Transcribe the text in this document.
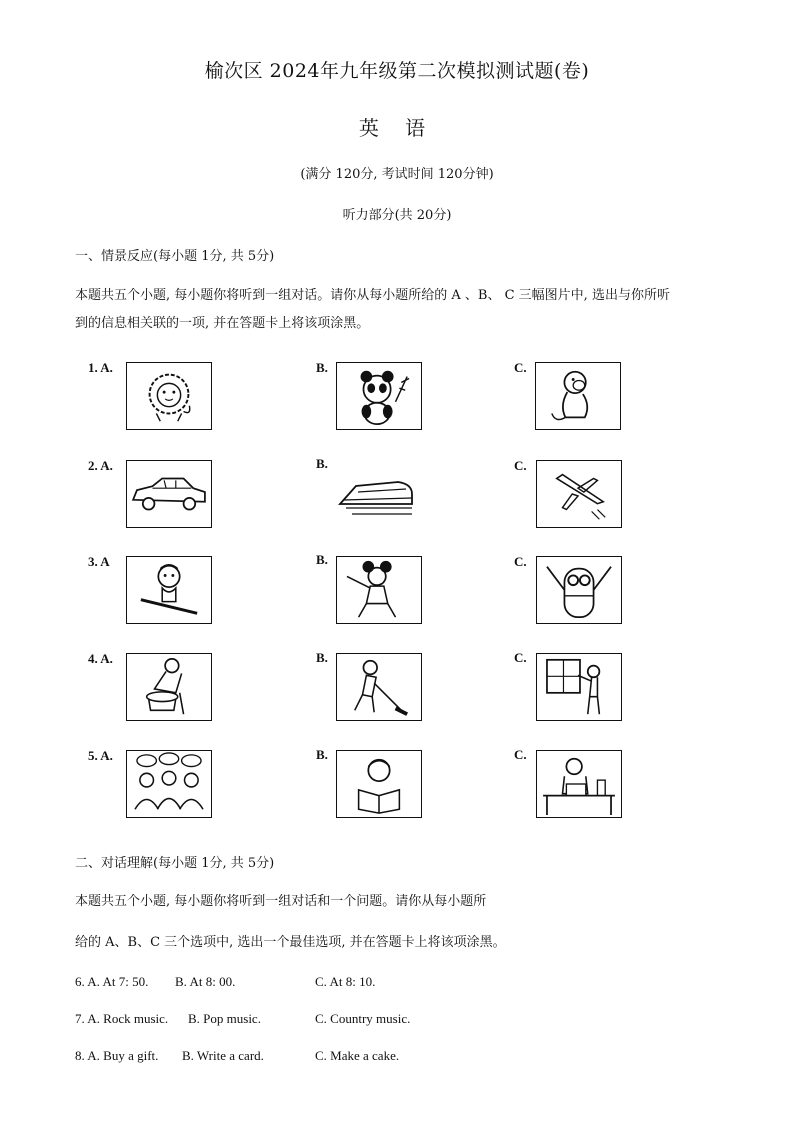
榆次区 2024年九年级第二次模拟测试题(卷)
英 语
(满分 120分, 考试时间 120分钟)
听力部分(共 20分)
一、情景反应(每小题 1分, 共 5分)
本题共五个小题, 每小题你将听到一组对话。请你从每小题所给的 A 、B、 C 三幅图片中, 选出与你所听
到的信息相关联的一项, 并在答题卡上将该项涂黑。
1. A.	B.	C.
2. A.	B.	C.
3. A	B.	C.
4. A.	B.	C.
5. A.	B.	C.
二、对话理解(每小题 1分, 共 5分)
本题共五个小题, 每小题你将听到一组对话和一个问题。请你从每小题所
给的 A、B、C 三个选项中, 选出一个最佳选项, 并在答题卡上将该项涂黑。
6. A. At 7: 50. B. At 8: 00.	C. At 8: 10.
7. A. Rock music. B. Pop music.	C. Country music.
8. A. Buy a gift. B. Write a card.	C. Make a cake.
